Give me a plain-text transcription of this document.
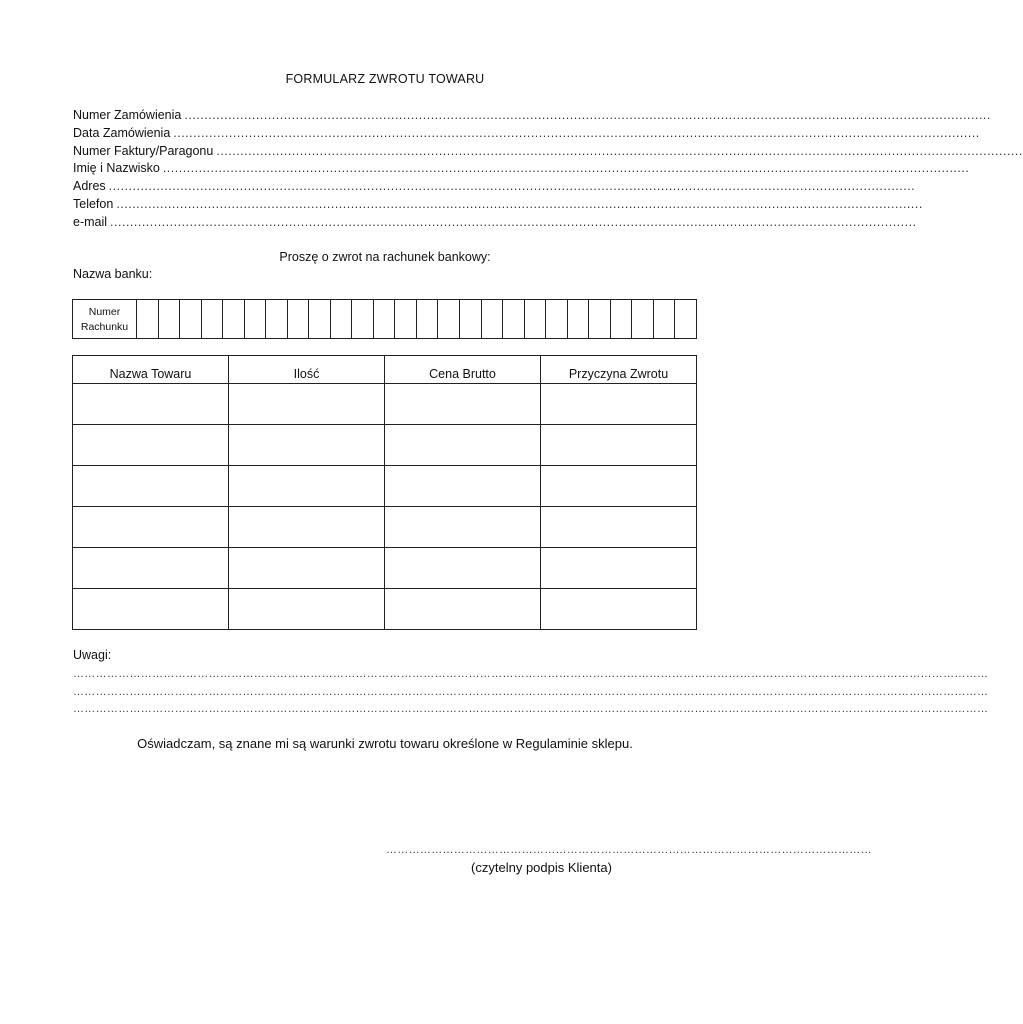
FORMULARZ ZWROTU TOWARU
Numer Zamówienia ...........................................................................................................................................................................................................
Data Zamówienia ...........................................................................................................................................................................................................
Numer Faktury/Paragonu ...........................................................................................................................................................................................................
Imię i Nazwisko ...........................................................................................................................................................................................................
Adres ...........................................................................................................................................................................................................
Telefon ...........................................................................................................................................................................................................
e-mail ...........................................................................................................................................................................................................
Proszę o zwrot na rachunek bankowy:
Nazwa banku:
Numer
Rachunku
Nazwa Towaru	Ilość	Cena Brutto	Przyczyna Zwrotu

Uwagi:
………………………………………………………………………………………………………………………………………………………………………………………………………………………
………………………………………………………………………………………………………………………………………………………………………………………………………………………
………………………………………………………………………………………………………………………………………………………………………………………………………………………
Oświadczam, są znane mi są warunki zwrotu towaru określone w Regulaminie sklepu.
…………………………………………………………………………………………………………………
(czytelny podpis Klienta)
